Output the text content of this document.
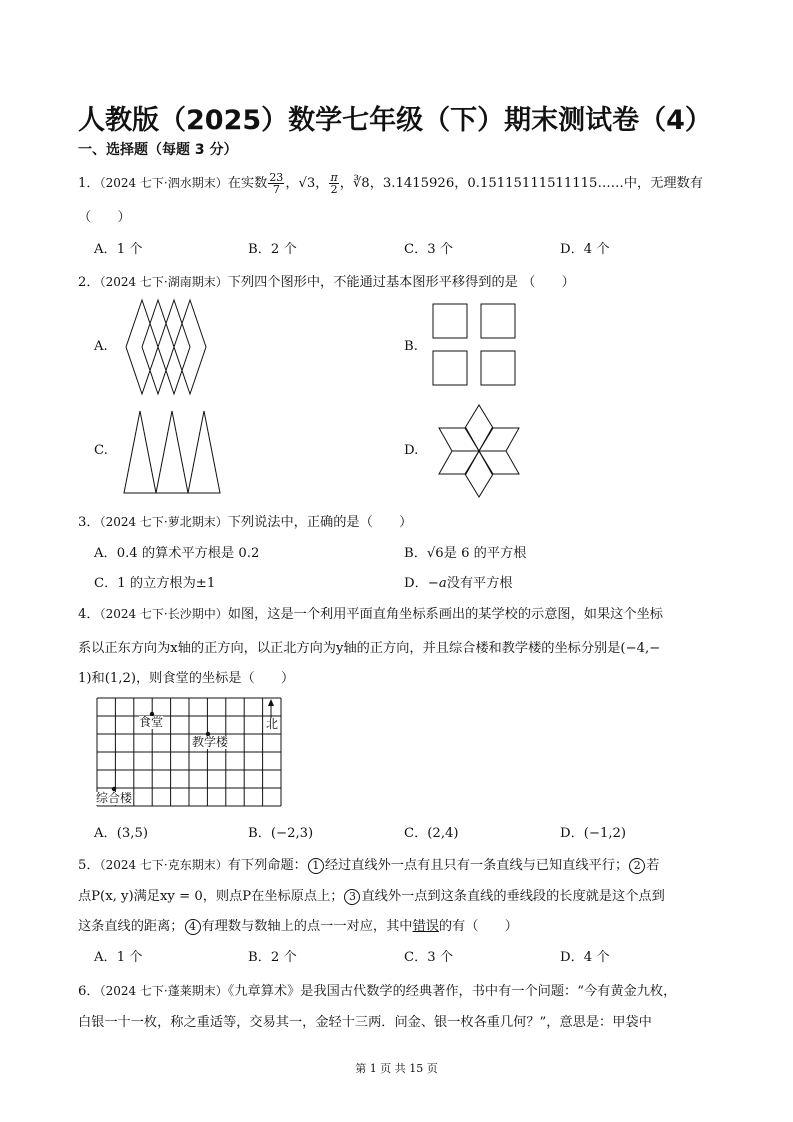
人教版（2025）数学七年级（下）期末测试卷（4）
一、选择题（每题 3 分）
1．（2024 七下·泗水期末）在实数 $\frac{23}{7}$ ，√3， $\frac{\pi}{2}$ ，∛8，3.1415926，0.15115111511115……中，无理数有
（　　）
A．1 个	B．2 个	C．3 个	D．4 个
2．（2024 七下·湖南期末）下列四个图形中，不能通过基本图形平移得到的是 （　　）
A.	B.
C.	D.
3．（2024 七下·萝北期末）下列说法中，正确的是（　　）
A．0.4 的算术平方根是 0.2	B．√6是 6 的平方根
C．1 的立方根为±1	D．−a没有平方根
4．（2024 七下·长沙期中）如图，这是一个利用平面直角坐标系画出的某学校的示意图，如果这个坐标
系以正东方向为x轴的正方向，以正北方向为y轴的正方向，并且综合楼和教学楼的坐标分别是(−4,−
1)和(1,2)，则食堂的坐标是（　　）
食堂
教学楼
综合楼
北
A．(3,5)	B．(−2,3)	C．(2,4)	D．(−1,2)
5．（2024 七下·克东期末）有下列命题： 1 经过直线外一点有且只有一条直线与已知直线平行； 2 若
点P(x, y)满足xy = 0，则点P在坐标原点上； 3 直线外一点到这条直线的垂线段的长度就是这个点到
这条直线的距离； 4 有理数与数轴上的点一一对应，其中错误的有（　　）
A．1 个	B．2 个	C．3 个	D．4 个
6．（2024 七下·蓬莱期末）《九章算术》是我国古代数学的经典著作，书中有一个问题：“今有黄金九枚，
白银一十一枚，称之重适等，交易其一，金轻十三两．问金、银一枚各重几何？”，意思是：甲袋中
第 1 页 共 15 页
